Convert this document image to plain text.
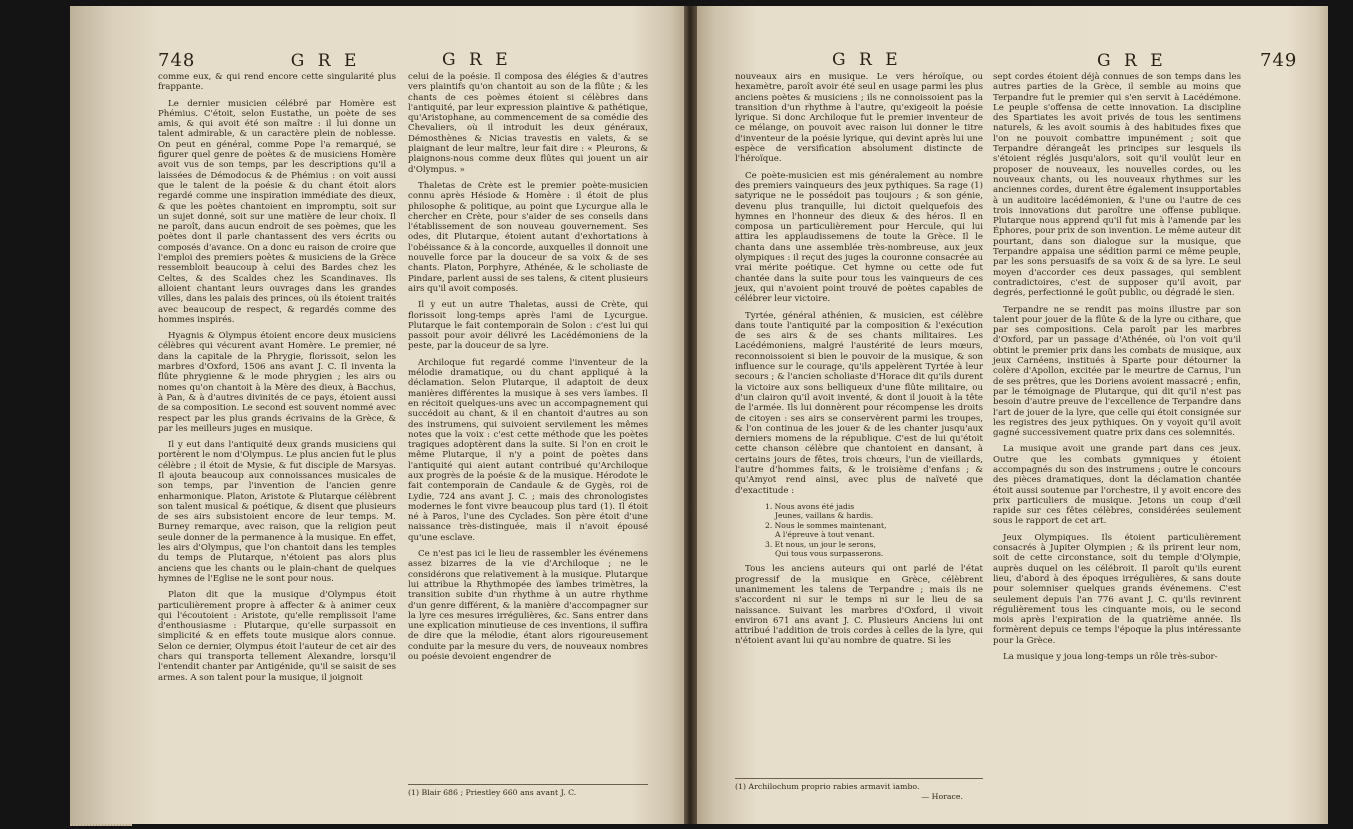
748	G R E	G R E

comme eux, & qui rend encore cette singularité plus frappante.

Le dernier musicien célébré par Homère est Phémius. C'étoit, selon Eustathe, un poète de ses amis, & qui avoit été son maître : il lui donne un talent admirable, & un caractère plein de noblesse. On peut en général, comme Pope l'a remarqué, se figurer quel genre de poètes & de musiciens Homère avoit vus de son temps, par les descriptions qu'il a laissées de Démodocus & de Phémius : on voit aussi que le talent de la poésie & du chant étoit alors regardé comme une inspiration immédiate des dieux, & que les poètes chantoient en impromptu, soit sur un sujet donné, soit sur une matière de leur choix. Il ne paroît, dans aucun endroit de ses poèmes, que les poètes dont il parle chantassent des vers écrits ou composés d'avance. On a donc eu raison de croire que l'emploi des premiers poètes & musiciens de la Grèce ressembloit beaucoup à celui des Bardes chez les Celtes, & des Scaldes chez les Scandinaves. Ils alloient chantant leurs ouvrages dans les grandes villes, dans les palais des princes, où ils étoient traités avec beaucoup de respect, & regardés comme des hommes inspirés.

Hyagnis & Olympus étoient encore deux musiciens célèbres qui vécurent avant Homère. Le premier, né dans la capitale de la Phrygie, florissoit, selon les marbres d'Oxford, 1506 ans avant J. C. Il inventa la flûte phrygienne & le mode phrygien ; les airs ou nomes qu'on chantoit à la Mère des dieux, à Bacchus, à Pan, & à d'autres divinités de ce pays, étoient aussi de sa composition. Le second est souvent nommé avec respect par les plus grands écrivains de la Grèce, & par les meilleurs juges en musique.

Il y eut dans l'antiquité deux grands musiciens qui portèrent le nom d'Olympus. Le plus ancien fut le plus célèbre ; il étoit de Mysie, & fut disciple de Marsyas. Il ajouta beaucoup aux connoissances musicales de son temps, par l'invention de l'ancien genre enharmonique. Platon, Aristote & Plutarque célèbrent son talent musical & poétique, & disent que plusieurs de ses airs subsistoient encore de leur temps. M. Burney remarque, avec raison, que la religion peut seule donner de la permanence à la musique. En effet, les airs d'Olympus, que l'on chantoit dans les temples du temps de Plutarque, n'étoient pas alors plus anciens que les chants ou le plain-chant de quelques hymnes de l'Eglise ne le sont pour nous.

Platon dit que la musique d'Olympus étoit particulièrement propre à affecter & à animer ceux qui l'écoutoient : Aristote, qu'elle remplissoit l'ame d'enthousiasme : Plutarque, qu'elle surpassoit en simplicité & en effets toute musique alors connue. Selon ce dernier, Olympus étoit l'auteur de cet air des chars qui transporta tellement Alexandre, lorsqu'il l'entendit chanter par Antigénide, qu'il se saisit de ses armes. A son talent pour la musique, il joignoit

celui de la poésie. Il composa des élégies & d'autres vers plaintifs qu'on chantoit au son de la flûte ; & les chants de ces poèmes étoient si célèbres dans l'antiquité, par leur expression plaintive & pathétique, qu'Aristophane, au commencement de sa comédie des Chevaliers, où il introduit les deux généraux, Démosthènes & Nicias travestis en valets, & se plaignant de leur maître, leur fait dire : « Pleurons, & plaignons-nous comme deux flûtes qui jouent un air d'Olympus. »

Thaletas de Crète est le premier poète-musicien connu après Hésiode & Homère : il étoit de plus philosophe & politique, au point que Lycurgue alla le chercher en Crète, pour s'aider de ses conseils dans l'établissement de son nouveau gouvernement. Ses odes, dit Plutarque, étoient autant d'exhortations à l'obéissance & à la concorde, auxquelles il donnoit une nouvelle force par la douceur de sa voix & de ses chants. Platon, Porphyre, Athénée, & le scholiaste de Pindare, parlent aussi de ses talens, & citent plusieurs airs qu'il avoit composés.

Il y eut un autre Thaletas, aussi de Crète, qui florissoit long-temps après l'ami de Lycurgue. Plutarque le fait contemporain de Solon : c'est lui qui passoit pour avoir délivré les Lacédémoniens de la peste, par la douceur de sa lyre.

Archiloque fut regardé comme l'inventeur de la mélodie dramatique, ou du chant appliqué à la déclamation. Selon Plutarque, il adaptoit de deux manières différentes la musique à ses vers ïambes. Il en récitoit quelques-uns avec un accompagnement qui succédoit au chant, & il en chantoit d'autres au son des instrumens, qui suivoient servilement les mêmes notes que la voix : c'est cette méthode que les poètes tragiques adoptèrent dans la suite. Si l'on en croit le même Plutarque, il n'y a point de poètes dans l'antiquité qui aient autant contribué qu'Archiloque aux progrès de la poésie & de la musique. Hérodote le fait contemporain de Candaule & de Gygès, roi de Lydie, 724 ans avant J. C. ; mais des chronologistes modernes le font vivre beaucoup plus tard (1). Il étoit né à Paros, l'une des Cyclades. Son père étoit d'une naissance très-distinguée, mais il n'avoit épousé qu'une esclave.

Ce n'est pas ici le lieu de rassembler les événemens assez bizarres de la vie d'Archiloque ; ne le considérons que relativement à la musique. Plutarque lui attribue la Rhythmopée des ïambes trimètres, la transition subite d'un rhythme à un autre rhythme d'un genre différent, & la manière d'accompagner sur la lyre ces mesures irrégulières, &c. Sans entrer dans une explication minutieuse de ces inventions, il suffira de dire que la mélodie, étant alors rigoureusement conduite par la mesure du vers, de nouveaux nombres ou poésie devoient engendrer de

(1) Blair 686 ; Priestley 660 ans avant J. C.
G R E	G R E	749

nouveaux airs en musique. Le vers héroïque, ou hexamètre, paroît avoir été seul en usage parmi les plus anciens poètes & musiciens ; ils ne connoissoient pas la transition d'un rhythme à l'autre, qu'exigeoit la poésie lyrique. Si donc Archiloque fut le premier inventeur de ce mélange, on pouvoit avec raison lui donner le titre d'inventeur de la poésie lyrique, qui devint après lui une espèce de versification absolument distincte de l'héroïque.

Ce poète-musicien est mis généralement au nombre des premiers vainqueurs des jeux pythiques. Sa rage (1) satyrique ne le possédoit pas toujours ; & son génie, devenu plus tranquille, lui dictoit quelquefois des hymnes en l'honneur des dieux & des héros. Il en composa un particulièrement pour Hercule, qui lui attira les applaudissemens de toute la Grèce. Il le chanta dans une assemblée très-nombreuse, aux jeux olympiques : il reçut des juges la couronne consacrée au vrai mérite poétique. Cet hymne ou cette ode fut chantée dans la suite pour tous les vainqueurs de ces jeux, qui n'avoient point trouvé de poètes capables de célébrer leur victoire.

Tyrtée, général athénien, & musicien, est célèbre dans toute l'antiquité par la composition & l'exécution de ses airs & de ses chants militaires. Les Lacédémoniens, malgré l'austérité de leurs mœurs, reconnoissoient si bien le pouvoir de la musique, & son influence sur le courage, qu'ils appelèrent Tyrtée à leur secours ; & l'ancien scholiaste d'Horace dit qu'ils durent la victoire aux sons belliqueux d'une flûte militaire, ou d'un clairon qu'il avoit inventé, & dont il jouoit à la tête de l'armée. Ils lui donnèrent pour récompense les droits de citoyen : ses airs se conservèrent parmi les troupes, & l'on continua de les jouer & de les chanter jusqu'aux derniers momens de la république. C'est de lui qu'étoit cette chanson célèbre que chantoient en dansant, à certains jours de fêtes, trois chœurs, l'un de vieillards, l'autre d'hommes faits, & le troisième d'enfans ; & qu'Amyot rend ainsi, avec plus de naïveté que d'exactitude :

1. Nous avons été jadis
Jeunes, vaillans & hardis.
2. Nous le sommes maintenant,
A l'épreuve à tout venant.
3. Et nous, un jour le serons,
Qui tous vous surpasserons.

Tous les anciens auteurs qui ont parlé de l'état progressif de la musique en Grèce, célèbrent unanimement les talens de Terpandre ; mais ils ne s'accordent ni sur le temps ni sur le lieu de sa naissance. Suivant les marbres d'Oxford, il vivoit environ 671 ans avant J. C. Plusieurs Anciens lui ont attribué l'addition de trois cordes à celles de la lyre, qui n'étoient avant lui qu'au nombre de quatre. Si les

sept cordes étoient déjà connues de son temps dans les autres parties de la Grèce, il semble au moins que Terpandre fut le premier qui s'en servit à Lacédémone. Le peuple s'offensa de cette innovation. La discipline des Spartiates les avoit privés de tous les sentimens naturels, & les avoit soumis à des habitudes fixes que l'on ne pouvoit combattre impunément ; soit que Terpandre dérangeât les principes sur lesquels ils s'étoient réglés jusqu'alors, soit qu'il voulût leur en proposer de nouveaux, les nouvelles cordes, ou les nouveaux chants, ou les nouveaux rhythmes sur les anciennes cordes, durent être également insupportables à un auditoire lacédémonien, & l'une ou l'autre de ces trois innovations dut paroître une offense publique. Plutarque nous apprend qu'il fut mis à l'amende par les Éphores, pour prix de son invention. Le même auteur dit pourtant, dans son dialogue sur la musique, que Terpandre appaisa une sédition parmi ce même peuple, par les sons persuasifs de sa voix & de sa lyre. Le seul moyen d'accorder ces deux passages, qui semblent contradictoires, c'est de supposer qu'il avoit, par degrés, perfectionné le goût public, ou dégradé le sien.

Terpandre ne se rendit pas moins illustre par son talent pour jouer de la flûte & de la lyre ou cithare, que par ses compositions. Cela paroît par les marbres d'Oxford, par un passage d'Athénée, où l'on voit qu'il obtint le premier prix dans les combats de musique, aux jeux Carnéens, institués à Sparte pour détourner la colère d'Apollon, excitée par le meurtre de Carnus, l'un de ses prêtres, que les Doriens avoient massacré ; enfin, par le témoignage de Plutarque, qui dit qu'il n'est pas besoin d'autre preuve de l'excellence de Terpandre dans l'art de jouer de la lyre, que celle qui étoit consignée sur les registres des jeux pythiques. On y voyoit qu'il avoit gagné successivement quatre prix dans ces solemnités.

La musique avoit une grande part dans ces jeux. Outre que les combats gymniques y étoient accompagnés du son des instrumens ; outre le concours des pièces dramatiques, dont la déclamation chantée étoit aussi soutenue par l'orchestre, il y avoit encore des prix particuliers de musique. Jetons un coup d'œil rapide sur ces fêtes célèbres, considérées seulement sous le rapport de cet art.

Jeux Olympiques. Ils étoient particulièrement consacrés à Jupiter Olympien ; & ils prirent leur nom, soit de cette circonstance, soit du temple d'Olympie, auprès duquel on les célébroit. Il paroît qu'ils eurent lieu, d'abord à des époques irrégulières, & sans doute pour solemniser quelques grands événemens. C'est seulement depuis l'an 776 avant J. C. qu'ils revinrent régulièrement tous les cinquante mois, ou le second mois après l'expiration de la quatrième année. Ils formèrent depuis ce temps l'époque la plus intéressante pour la Grèce.

La musique y joua long-temps un rôle très-subor-

(1) Archilochum proprio rabies armavit iambo.
— Horace.
